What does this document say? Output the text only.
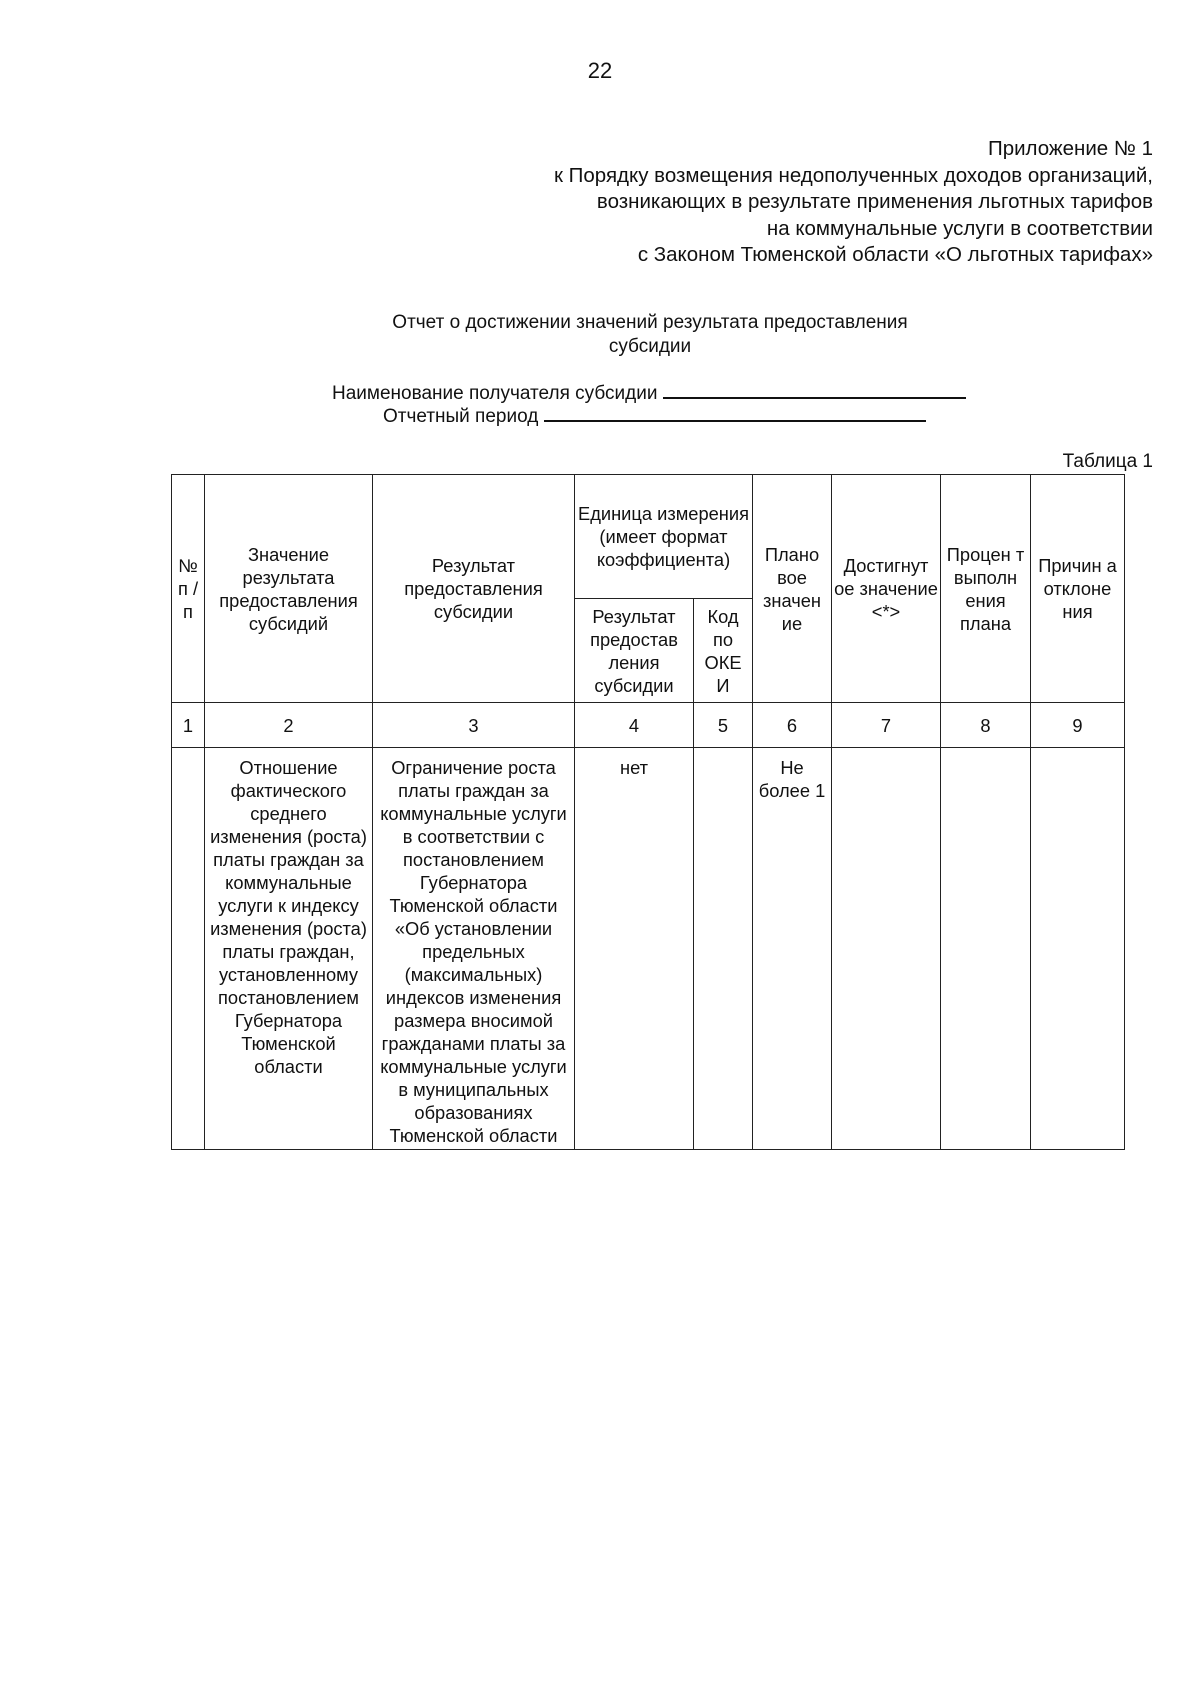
22
Приложение № 1
к Порядку возмещения недополученных доходов организаций,
возникающих в результате применения льготных тарифов
на коммунальные услуги в соответствии
с Законом Тюменской области «О льготных тарифах»
Отчет о достижении значений результата предоставления
субсидии
Наименование получателя субсидии
Отчетный период
Таблица 1
№ п /п	Значение результата предоставления субсидий	Результат предоставления субсидии	Единица измерения (имеет формат коэффициента)		Плано вое значен ие	Достигнут ое значение <*>	Процен т выполн ения плана	Причин а отклоне ния
			Результат предостав ления субсидии	Код по ОКЕ И				
1	2	3	4	5	6	7	8	9
	Отношение фактического среднего изменения (роста) платы граждан за коммунальные услуги к индексу изменения (роста) платы граждан, установленному постановлением Губернатора Тюменской области	Ограничение роста платы граждан за коммунальные услуги в соответствии с постановлением Губернатора Тюменской области «Об установлении предельных (максимальных) индексов изменения размера вносимой гражданами платы за коммунальные услуги в муниципальных образованиях Тюменской области	нет		Не более 1			
